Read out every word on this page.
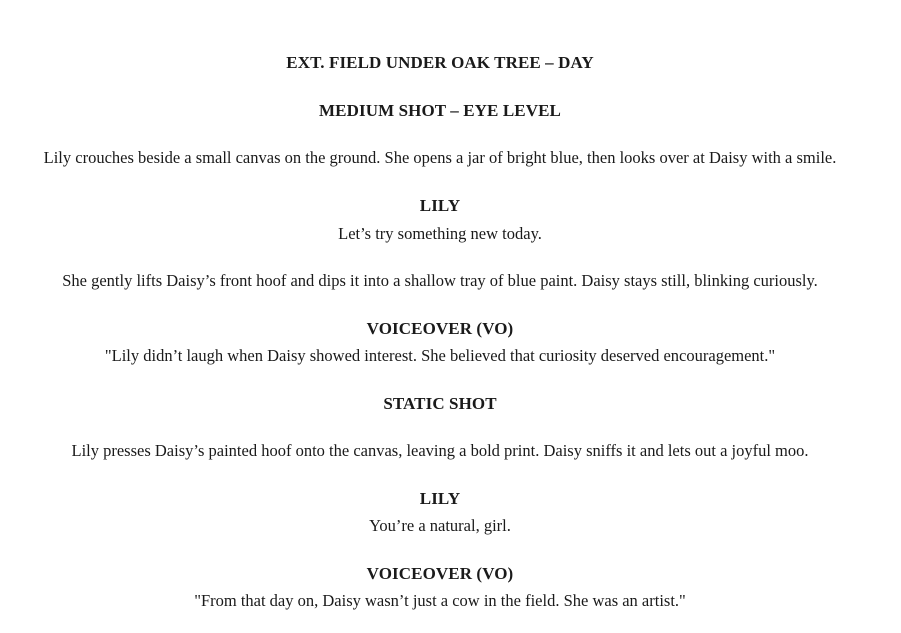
EXT. FIELD UNDER OAK TREE – DAY
MEDIUM SHOT – EYE LEVEL
Lily crouches beside a small canvas on the ground. She opens a jar of bright blue, then looks over at Daisy with a smile.
LILY
Let’s try something new today.
She gently lifts Daisy’s front hoof and dips it into a shallow tray of blue paint. Daisy stays still, blinking curiously.
VOICEOVER (VO)
"Lily didn’t laugh when Daisy showed interest. She believed that curiosity deserved encouragement."
STATIC SHOT
Lily presses Daisy’s painted hoof onto the canvas, leaving a bold print. Daisy sniffs it and lets out a joyful moo.
LILY
You’re a natural, girl.
VOICEOVER (VO)
"From that day on, Daisy wasn’t just a cow in the field. She was an artist."
